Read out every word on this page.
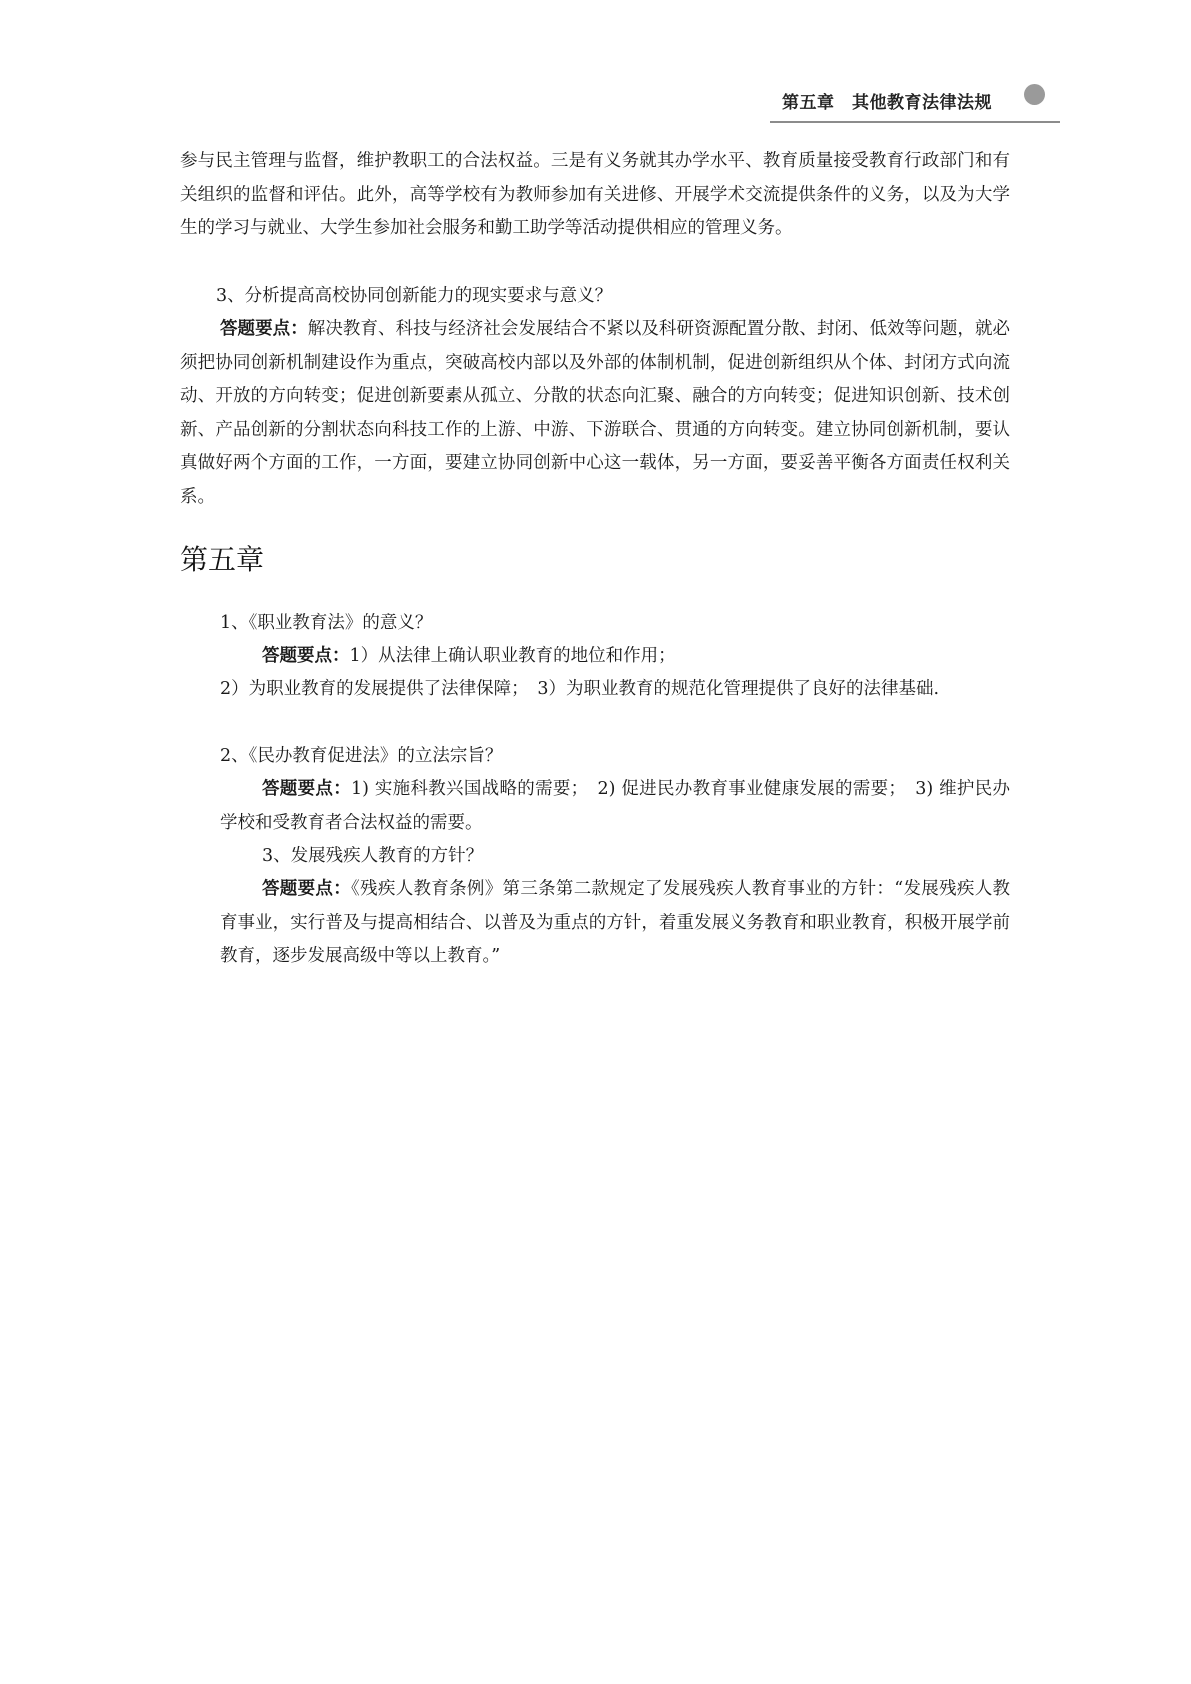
第五章　其他教育法律法规

参与民主管理与监督，维护教职工的合法权益。三是有义务就其办学水平、教育质量接受教育行政部门和有关组织的监督和评估。此外，高等学校有为教师参加有关进修、开展学术交流提供条件的义务，以及为大学生的学习与就业、大学生参加社会服务和勤工助学等活动提供相应的管理义务。

3、分析提高高校协同创新能力的现实要求与意义？

答题要点：解决教育、科技与经济社会发展结合不紧以及科研资源配置分散、封闭、低效等问题，就必须把协同创新机制建设作为重点，突破高校内部以及外部的体制机制，促进创新组织从个体、封闭方式向流动、开放的方向转变；促进创新要素从孤立、分散的状态向汇聚、融合的方向转变；促进知识创新、技术创新、产品创新的分割状态向科技工作的上游、中游、下游联合、贯通的方向转变。建立协同创新机制，要认真做好两个方面的工作，一方面，要建立协同创新中心这一载体，另一方面，要妥善平衡各方面责任权利关系。

第五章

1、《职业教育法》的意义？

答题要点：1）从法律上确认职业教育的地位和作用；

2）为职业教育的发展提供了法律保障；　3）为职业教育的规范化管理提供了良好的法律基础.

2、《民办教育促进法》的立法宗旨？

答题要点：1) 实施科教兴国战略的需要；　2) 促进民办教育事业健康发展的需要；　3) 维护民办学校和受教育者合法权益的需要。

3、发展残疾人教育的方针？

答题要点：《残疾人教育条例》第三条第二款规定了发展残疾人教育事业的方针：“发展残疾人教育事业，实行普及与提高相结合、以普及为重点的方针，着重发展义务教育和职业教育，积极开展学前教育，逐步发展高级中等以上教育。”
